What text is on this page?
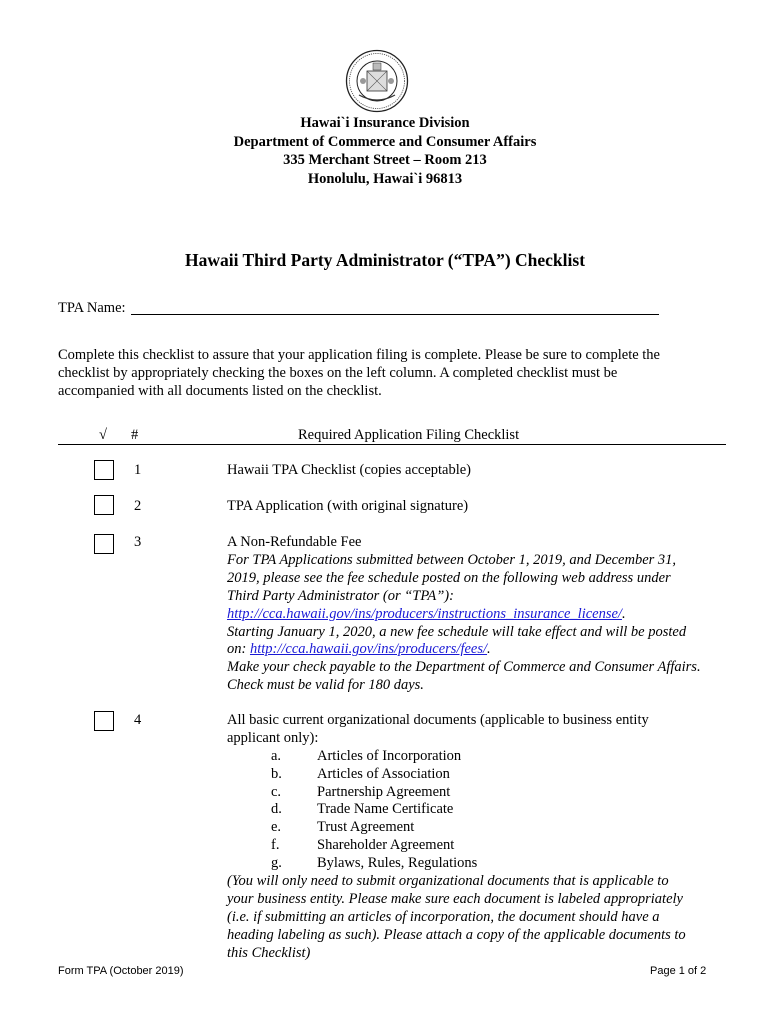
Hawai`i Insurance Division
Department of Commerce and Consumer Affairs
335 Merchant Street – Room 213
Honolulu, Hawai`i 96813
Hawaii Third Party Administrator (“TPA”) Checklist
TPA Name:
Complete this checklist to assure that your application filing is complete. Please be sure to complete the
checklist by appropriately checking the boxes on the left column. A completed checklist must be
accompanied with all documents listed on the checklist.
√ #	Required Application Filing Checklist
1	Hawaii TPA Checklist (copies acceptable)
2	TPA Application (with original signature)
3	A Non-Refundable Fee
For TPA Applications submitted between October 1, 2019, and December 31,
2019, please see the fee schedule posted on the following web address under
Third Party Administrator (or “TPA”):
http://cca.hawaii.gov/ins/producers/instructions_insurance_license/.
Starting January 1, 2020, a new fee schedule will take effect and will be posted
on: http://cca.hawaii.gov/ins/producers/fees/.
Make your check payable to the Department of Commerce and Consumer Affairs.
Check must be valid for 180 days.
4	All basic current organizational documents (applicable to business entity
applicant only):
a. Articles of Incorporation
b. Articles of Association
c. Partnership Agreement
d. Trade Name Certificate
e. Trust Agreement
f.	Shareholder Agreement
g. Bylaws, Rules, Regulations
(You will only need to submit organizational documents that is applicable to
your business entity. Please make sure each document is labeled appropriately
(i.e. if submitting an articles of incorporation, the document should have a
heading labeling as such). Please attach a copy of the applicable documents to
this Checklist)
Form TPA (October 2019)	Page 1 of 2
